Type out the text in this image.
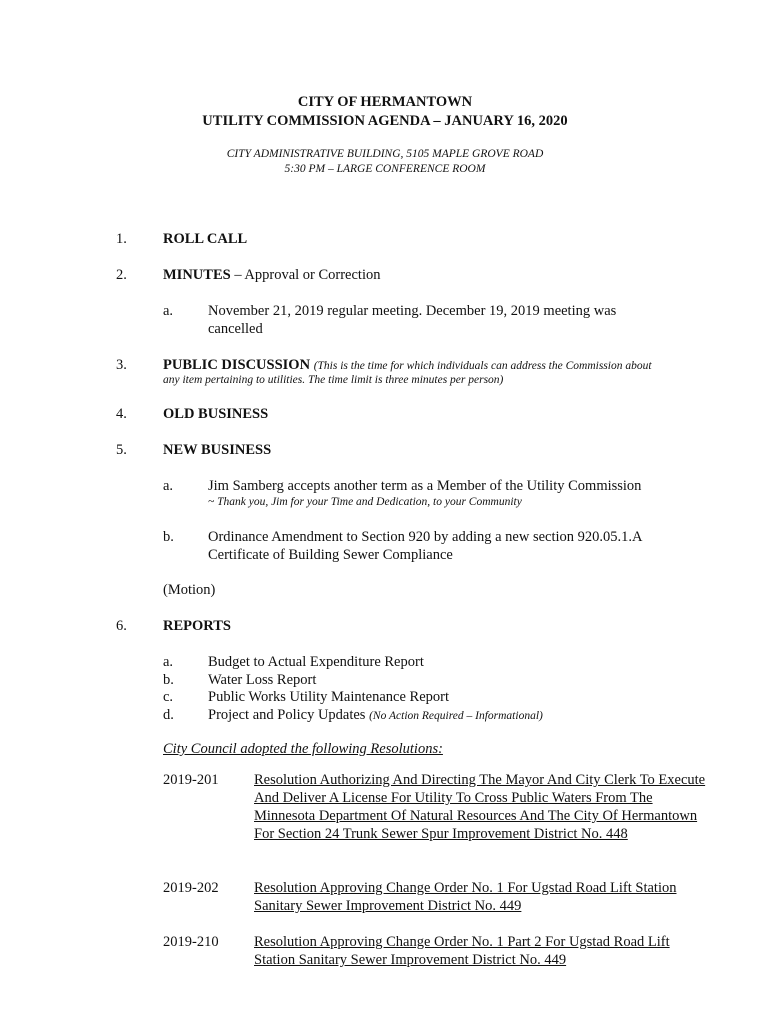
CITY OF HERMANTOWN
UTILITY COMMISSION AGENDA – JANUARY 16, 2020
CITY ADMINISTRATIVE BUILDING, 5105 MAPLE GROVE ROAD
5:30 PM – LARGE CONFERENCE ROOM
1. ROLL CALL
2. MINUTES – Approval or Correction
a. November 21, 2019 regular meeting. December 19, 2019 meeting was cancelled
3. PUBLIC DISCUSSION (This is the time for which individuals can address the Commission about
any item pertaining to utilities. The time limit is three minutes per person)
4. OLD BUSINESS
5. NEW BUSINESS
a. Jim Samberg accepts another term as a Member of the Utility Commission
~ Thank you, Jim for your Time and Dedication, to your Community
b. Ordinance Amendment to Section 920 by adding a new section 920.05.1.A Certificate of Building Sewer Compliance
(Motion)
6. REPORTS
a. Budget to Actual Expenditure Report
b. Water Loss Report
c. Public Works Utility Maintenance Report
d. Project and Policy Updates (No Action Required – Informational)
City Council adopted the following Resolutions:
2019-201 Resolution Authorizing And Directing The Mayor And City Clerk To Execute And Deliver A License For Utility To Cross Public Waters From The Minnesota Department Of Natural Resources And The City Of Hermantown For Section 24 Trunk Sewer Spur Improvement District No. 448
2019-202 Resolution Approving Change Order No. 1 For Ugstad Road Lift Station Sanitary Sewer Improvement District No. 449
2019-210 Resolution Approving Change Order No. 1 Part 2 For Ugstad Road Lift Station Sanitary Sewer Improvement District No. 449
